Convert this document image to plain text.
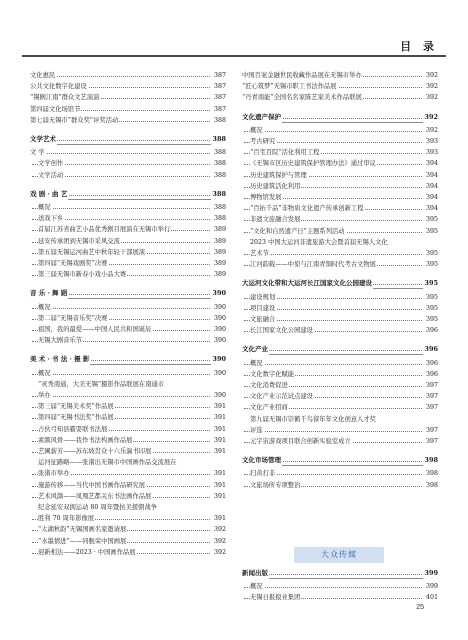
目 录
文化惠民	387
公共文化数字化建设	387
“锡剧江南”群众文艺演演	387
第四届文化场馆节	387
第七届无锡市“群众奖”评奖活动	388
文学艺术	388
文 学	388
文学创作	388
文学活动	388
戏 剧 · 曲 艺	388
概况	388
送戏下乡	388
首届江苏省曲艺小品优秀剧目展演在无锡市举行	389
延安传承团到无锡市采风交流	389
第五届无锡运河曲艺中秋年轻干部展演	389
第四届“无锡戏剧奖”决赛	389
第三届无锡市新春小戏小品大赛	389
音 乐 · 舞 蹈	390
概况	390
第二届“无锡音乐奖”决赛	390
祖国，我的最爱——中国人民共和国诞辰	390
无锡大剧音乐节	390
美 术 · 书 法 · 摄 影	390
概况	390
“灵秀南通，大美无锡”摄影作品联展在南通市
举办	390
第三届“无锡美术奖”作品展	391
第四届“无锡书法奖”作品展	391
占伙弓知县霸耍联书法展	391
素颜风骨——我作书法构画作品展	391
艺圃薪芳——苏东坡贯众十六乐湍书印展	391
运河征路略——张渚出无锡市中国画作品交流展在
张渚市举办	391
施游传移——当代中国书画作品研究展	391
艺术风颜——凤凰艺都关东书法画作品展	391
纪念延安双拥运动 80 周年暨抗美援朝战争
胜利 70 周年影像展	391
“太湖秋韵”无锡国画名家邀请展	392
“水墨情进”——同舰荣中国画展	392
迎新相达——2023 · 中国画作品展	392
中国百案金融世民收藏作品展在无锡市举办	392
“匠心筑梦”无锡市职工书法作品展	392
“丹青南能”全国名名家陈艺家美术作品联展	392
文化遗产保护	392
概况	392
考古研究	393
“百宅百院”活化利用工程	393
《无锡市区历史建筑保护管理办法》通过审议	394
历史建筑保护与管理	394
历史建筑活化利用	394
博物馆发展	394
“百拓千品”非物质文化遗产传承创新工程	394
非遗文旅融合发展	395
“文化和自然遗产日”主题系列活动	395
2023 中国大运河非遗旅游大会暨首届无锡人文化
艺术节	395
江河韵载——中原与江南青铜时代考古文物展	395
大运河文化带和大运河长江国家文化公园建设	395
建设规划	395
项目建设	395
文旅融合	395
长江国家文化公园建设	396
文化产业	396
概况	396
文化数字化赋能	396
文化消费促进	397
文化产业示范试点建设	397
文化产业招商	397
第九届无锡市崇鹤千鸟留年年文化创意人才奖
评选	397
元宇宙游戏项目联合创新实验室成立	397
文化市场管理	398
扫黄打非	398
文旅场所专项整治	398
新闻出版	399
概况	399
无锡日报报业集团	401
大众传媒
25
